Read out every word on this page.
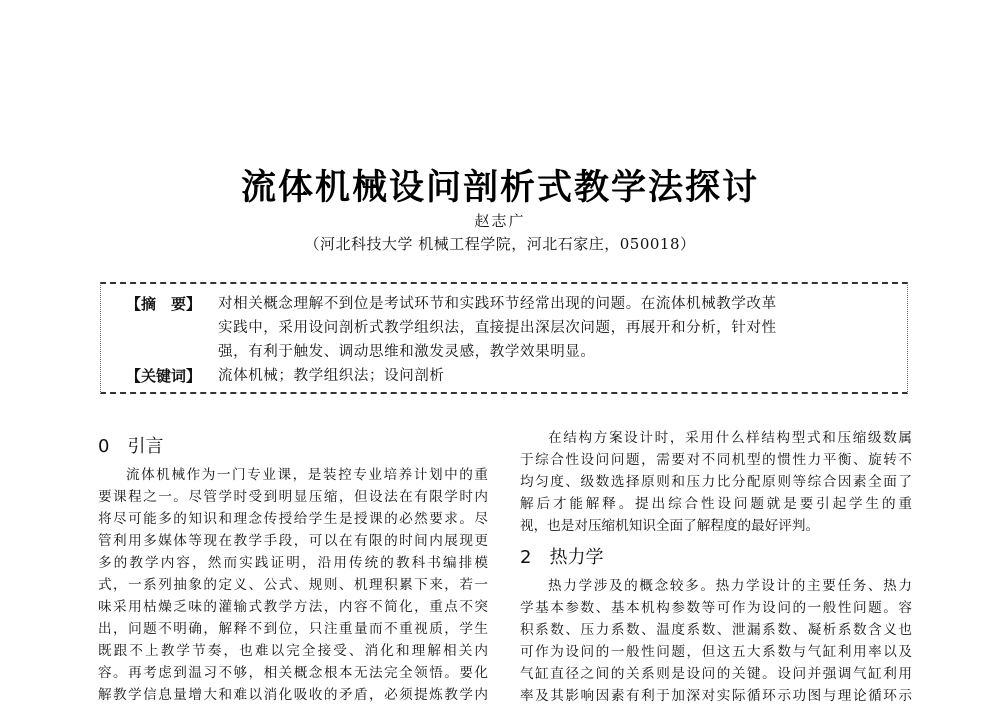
流体机械设问剖析式教学法探讨
赵志广
（河北科技大学 机械工程学院，河北石家庄，050018）
【摘　要】 对相关概念理解不到位是考试环节和实践环节经常出现的问题。在流体机械教学改革
实践中，采用设问剖析式教学组织法，直接提出深层次问题，再展开和分析，针对性
强，有利于触发、调动思维和激发灵感，教学效果明显。
【关键词】 流体机械；教学组织法；设问剖析
0　引言
流体机械作为一门专业课，是装控专业培养计划中的重
要课程之一。尽管学时受到明显压缩，但设法在有限学时内
将尽可能多的知识和理念传授给学生是授课的必然要求。尽
管利用多媒体等现在教学手段，可以在有限的时间内展现更
多的教学内容，然而实践证明，沿用传统的教科书编排模
式，一系列抽象的定义、公式、规则、机理积累下来，若一
味采用枯燥乏味的灌输式教学方法，内容不简化，重点不突
出，问题不明确，解释不到位，只注重量而不重视质，学生
既跟不上教学节奏，也难以完全接受、消化和理解相关内
容。再考虑到温习不够，相关概念根本无法完全领悟。要化
解教学信息量增大和难以消化吸收的矛盾，必须提炼教学内
在结构方案设计时，采用什么样结构型式和压缩级数属
于综合性设问问题，需要对不同机型的惯性力平衡、旋转不
均匀度、级数选择原则和压力比分配原则等综合因素全面了
解后才能解释。提出综合性设问题就是要引起学生的重
视，也是对压缩机知识全面了解程度的最好评判。
2　热力学
热力学涉及的概念较多。热力学设计的主要任务、热力
学基本参数、基本机构参数等可作为设问的一般性问题。容
积系数、压力系数、温度系数、泄漏系数、凝析系数含义也
可作为设问的一般性问题，但这五大系数与气缸利用率以及
气缸直径之间的关系则是设问的关键。设问并强调气缸利用
率及其影响因素有利于加深对实际循环示功图与理论循环示
